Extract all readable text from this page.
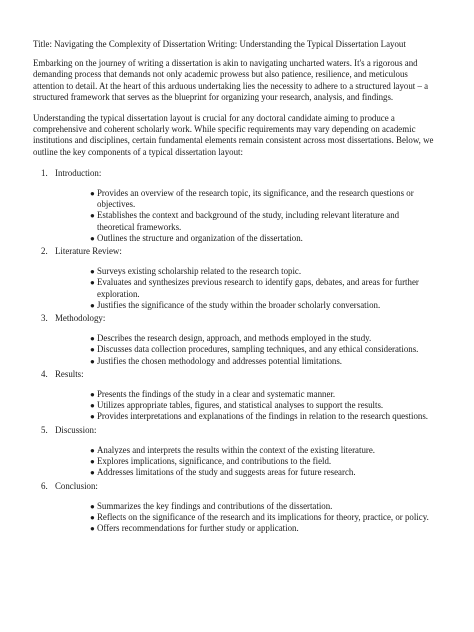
Title: Navigating the Complexity of Dissertation Writing: Understanding the Typical Dissertation Layout

Embarking on the journey of writing a dissertation is akin to navigating uncharted waters. It's a rigorous and demanding process that demands not only academic prowess but also patience, resilience, and meticulous attention to detail. At the heart of this arduous undertaking lies the necessity to adhere to a structured layout – a structured framework that serves as the blueprint for organizing your research, analysis, and findings.

Understanding the typical dissertation layout is crucial for any doctoral candidate aiming to produce a comprehensive and coherent scholarly work. While specific requirements may vary depending on academic institutions and disciplines, certain fundamental elements remain consistent across most dissertations. Below, we outline the key components of a typical dissertation layout:

1. Introduction:
● Provides an overview of the research topic, its significance, and the research questions or objectives.
● Establishes the context and background of the study, including relevant literature and theoretical frameworks.
● Outlines the structure and organization of the dissertation.
2. Literature Review:
● Surveys existing scholarship related to the research topic.
● Evaluates and synthesizes previous research to identify gaps, debates, and areas for further exploration.
● Justifies the significance of the study within the broader scholarly conversation.
3. Methodology:
● Describes the research design, approach, and methods employed in the study.
● Discusses data collection procedures, sampling techniques, and any ethical considerations.
● Justifies the chosen methodology and addresses potential limitations.
4. Results:
● Presents the findings of the study in a clear and systematic manner.
● Utilizes appropriate tables, figures, and statistical analyses to support the results.
● Provides interpretations and explanations of the findings in relation to the research questions.
5. Discussion:
● Analyzes and interprets the results within the context of the existing literature.
● Explores implications, significance, and contributions to the field.
● Addresses limitations of the study and suggests areas for future research.
6. Conclusion:
● Summarizes the key findings and contributions of the dissertation.
● Reflects on the significance of the research and its implications for theory, practice, or policy.
● Offers recommendations for further study or application.
